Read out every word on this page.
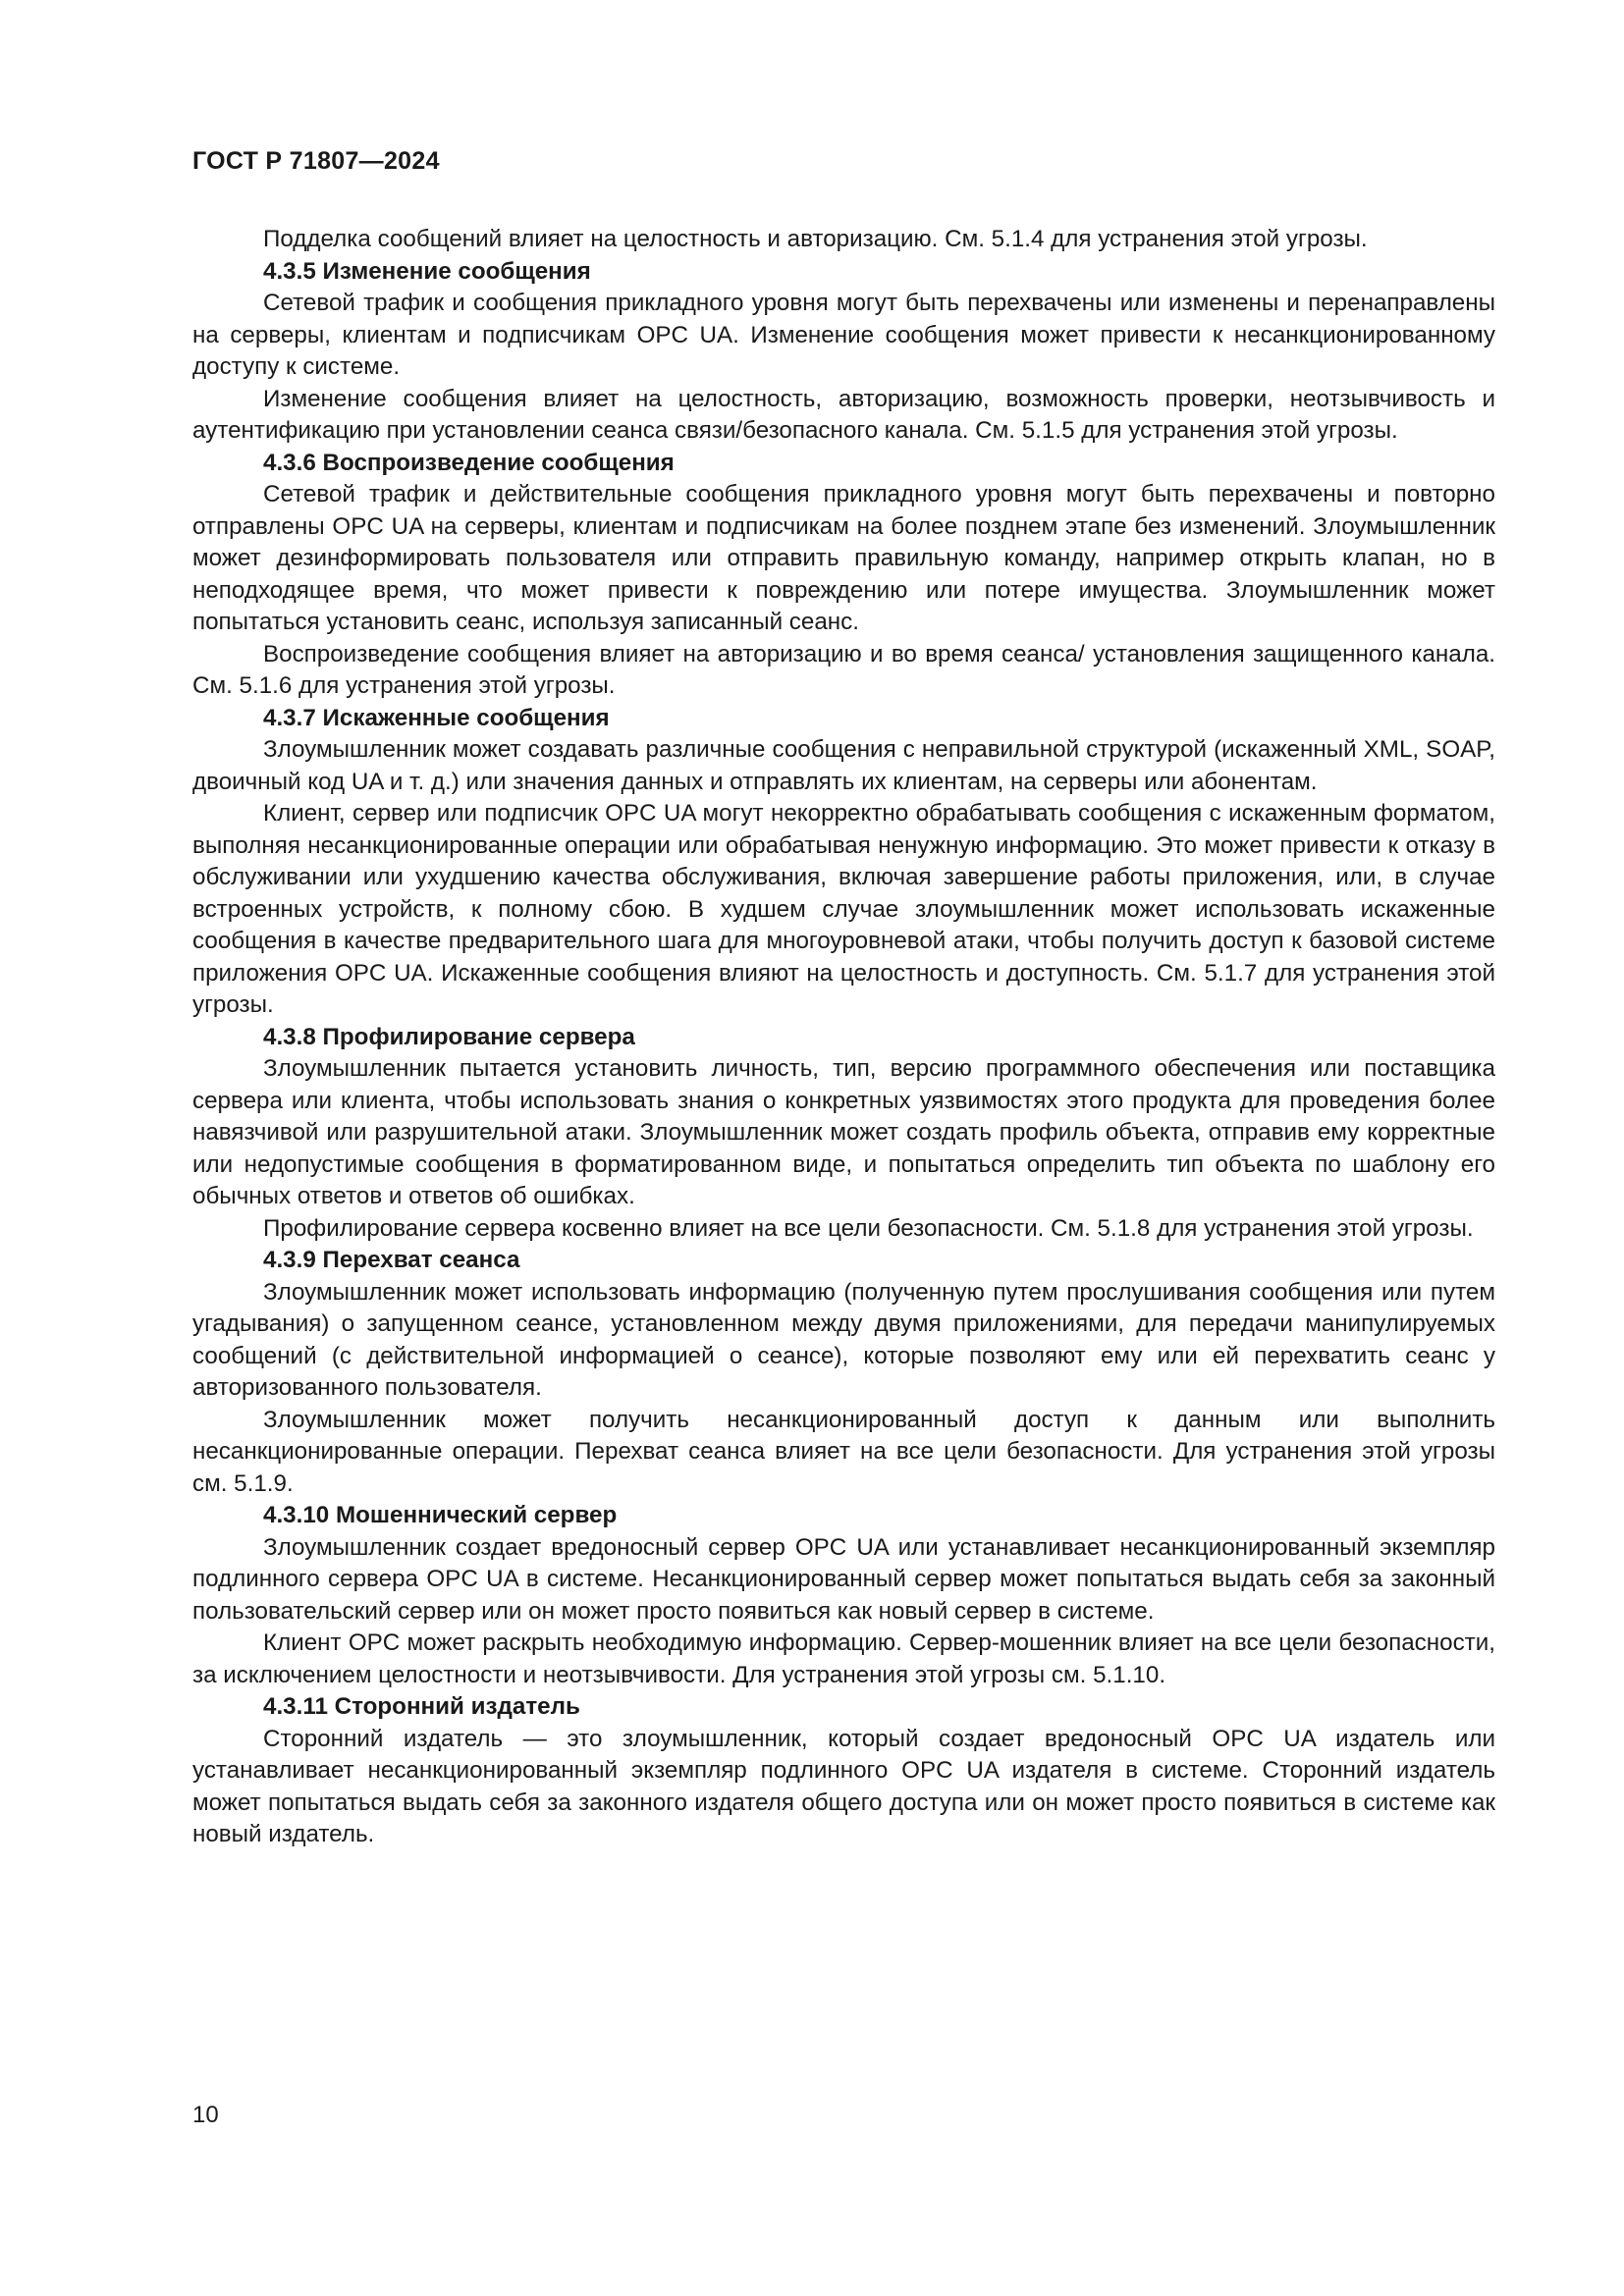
ГОСТ Р 71807—2024

Подделка сообщений влияет на целостность и авторизацию. См. 5.1.4 для устранения этой угрозы.

4.3.5 Изменение сообщения

Сетевой трафик и сообщения прикладного уровня могут быть перехвачены или изменены и перенаправлены на серверы, клиентам и подписчикам OPC UA. Изменение сообщения может привести к несанкционированному доступу к системе.

Изменение сообщения влияет на целостность, авторизацию, возможность проверки, неотзывчивость и аутентификацию при установлении сеанса связи/безопасного канала. См. 5.1.5 для устранения этой угрозы.

4.3.6 Воспроизведение сообщения

Сетевой трафик и действительные сообщения прикладного уровня могут быть перехвачены и повторно отправлены OPC UA на серверы, клиентам и подписчикам на более позднем этапе без изменений. Злоумышленник может дезинформировать пользователя или отправить правильную команду, например открыть клапан, но в неподходящее время, что может привести к повреждению или потере имущества. Злоумышленник может попытаться установить сеанс, используя записанный сеанс.

Воспроизведение сообщения влияет на авторизацию и во время сеанса/ установления защищенного канала. См. 5.1.6 для устранения этой угрозы.

4.3.7 Искаженные сообщения

Злоумышленник может создавать различные сообщения с неправильной структурой (искаженный XML, SOAP, двоичный код UA и т. д.) или значения данных и отправлять их клиентам, на серверы или абонентам.

Клиент, сервер или подписчик OPC UA могут некорректно обрабатывать сообщения с искаженным форматом, выполняя несанкционированные операции или обрабатывая ненужную информацию. Это может привести к отказу в обслуживании или ухудшению качества обслуживания, включая завершение работы приложения, или, в случае встроенных устройств, к полному сбою. В худшем случае злоумышленник может использовать искаженные сообщения в качестве предварительного шага для многоуровневой атаки, чтобы получить доступ к базовой системе приложения OPC UA. Искаженные сообщения влияют на целостность и доступность. См. 5.1.7 для устранения этой угрозы.

4.3.8 Профилирование сервера

Злоумышленник пытается установить личность, тип, версию программного обеспечения или поставщика сервера или клиента, чтобы использовать знания о конкретных уязвимостях этого продукта для проведения более навязчивой или разрушительной атаки. Злоумышленник может создать профиль объекта, отправив ему корректные или недопустимые сообщения в форматированном виде, и попытаться определить тип объекта по шаблону его обычных ответов и ответов об ошибках.

Профилирование сервера косвенно влияет на все цели безопасности. См. 5.1.8 для устранения этой угрозы.

4.3.9 Перехват сеанса

Злоумышленник может использовать информацию (полученную путем прослушивания сообщения или путем угадывания) о запущенном сеансе, установленном между двумя приложениями, для передачи манипулируемых сообщений (с действительной информацией о сеансе), которые позволяют ему или ей перехватить сеанс у авторизованного пользователя.

Злоумышленник может получить несанкционированный доступ к данным или выполнить несанкционированные операции. Перехват сеанса влияет на все цели безопасности. Для устранения этой угрозы см. 5.1.9.

4.3.10 Мошеннический сервер

Злоумышленник создает вредоносный сервер OPC UA или устанавливает несанкционированный экземпляр подлинного сервера OPC UA в системе. Несанкционированный сервер может попытаться выдать себя за законный пользовательский сервер или он может просто появиться как новый сервер в системе.

Клиент OPC может раскрыть необходимую информацию. Сервер-мошенник влияет на все цели безопасности, за исключением целостности и неотзывчивости. Для устранения этой угрозы см. 5.1.10.

4.3.11 Сторонний издатель

Сторонний издатель — это злоумышленник, который создает вредоносный OPC UA издатель или устанавливает несанкционированный экземпляр подлинного OPC UA издателя в системе. Сторонний издатель может попытаться выдать себя за законного издателя общего доступа или он может просто появиться в системе как новый издатель.

10
